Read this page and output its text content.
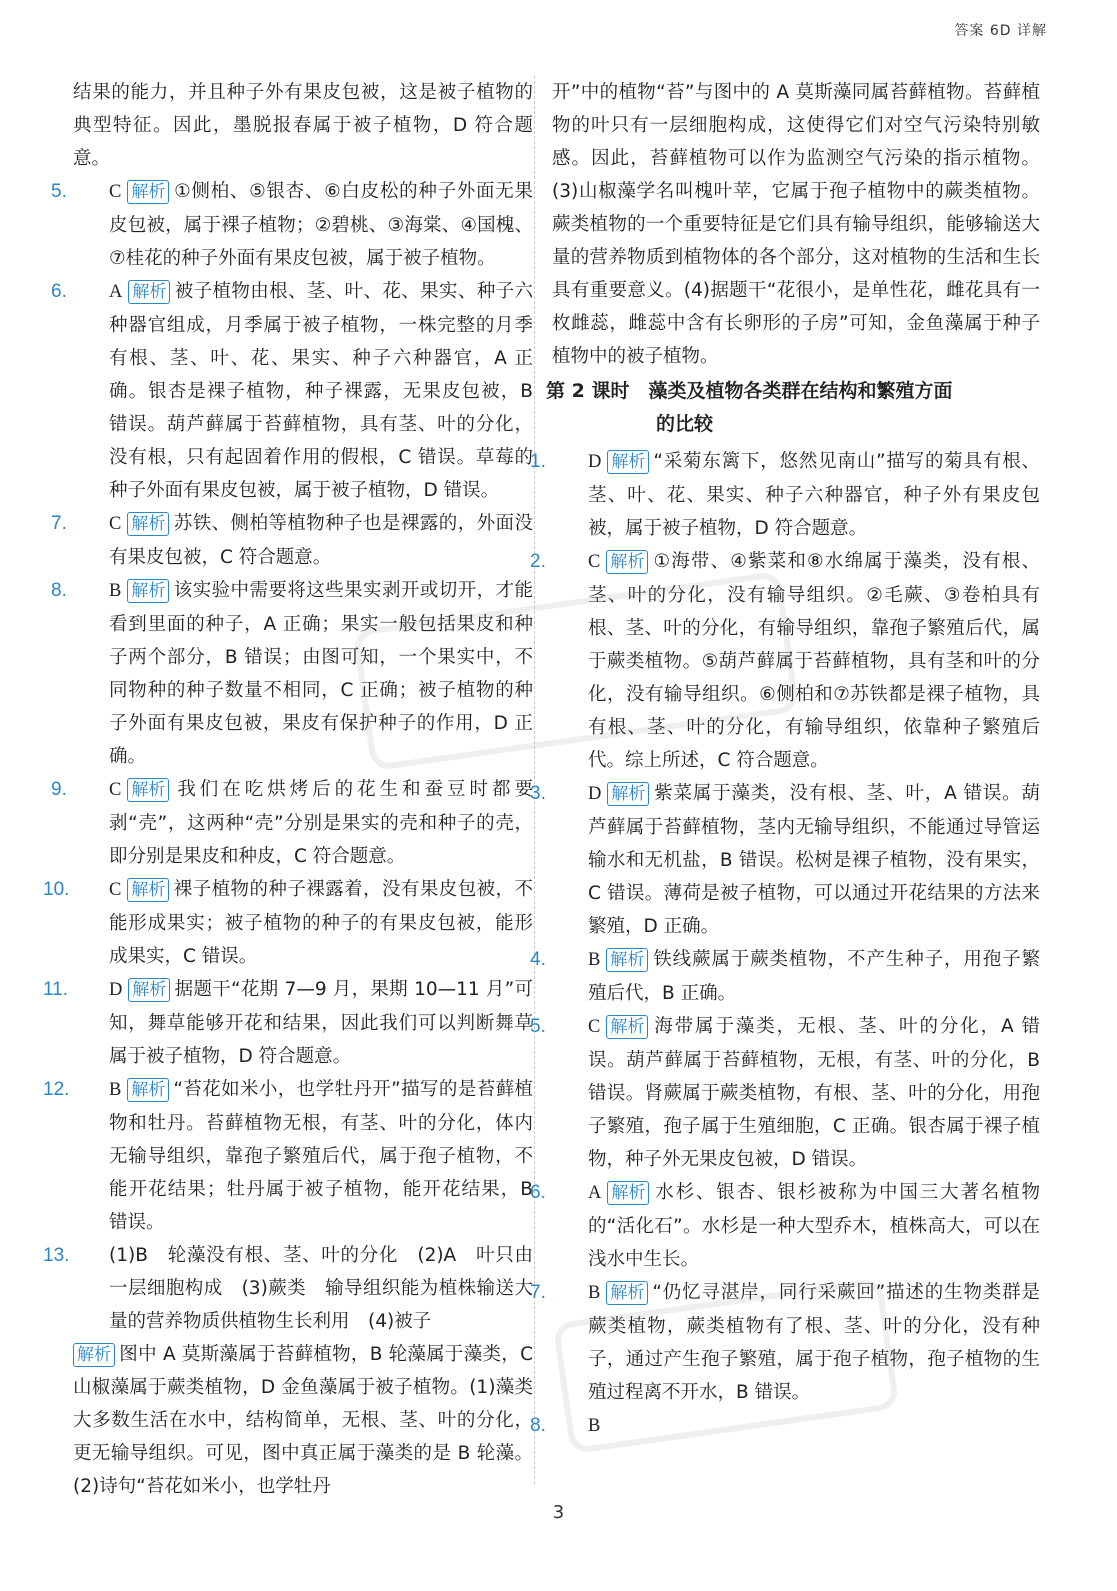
答案 6D 详解
结果的能力，并且种子外有果皮包被，这是被子植物的典型特征。因此，墨脱报春属于被子植物，D 符合题意。
5.	C 解析 ①侧柏、⑤银杏、⑥白皮松的种子外面无果皮包被，属于裸子植物；②碧桃、③海棠、④国槐、⑦桂花的种子外面有果皮包被，属于被子植物。
6.	A 解析 被子植物由根、茎、叶、花、果实、种子六种器官组成，月季属于被子植物，一株完整的月季有根、茎、叶、花、果实、种子六种器官，A 正确。银杏是裸子植物，种子裸露，无果皮包被，B 错误。葫芦藓属于苔藓植物，具有茎、叶的分化，没有根，只有起固着作用的假根，C 错误。草莓的种子外面有果皮包被，属于被子植物，D 错误。
7.	C 解析 苏铁、侧柏等植物种子也是裸露的，外面没有果皮包被，C 符合题意。
8.	B 解析 该实验中需要将这些果实剥开或切开，才能看到里面的种子，A 正确；果实一般包括果皮和种子两个部分，B 错误；由图可知，一个果实中，不同物种的种子数量不相同，C 正确；被子植物的种子外面有果皮包被，果皮有保护种子的作用，D 正确。
9.	C 解析 我们在吃烘烤后的花生和蚕豆时都要剥“壳”，这两种“壳”分别是果实的壳和种子的壳，即分别是果皮和种皮，C 符合题意。
10.	C 解析 裸子植物的种子裸露着，没有果皮包被，不能形成果实；被子植物的种子的有果皮包被，能形成果实，C 错误。
11.	D 解析 据题干“花期 7—9 月，果期 10—11 月”可知，舞草能够开花和结果，因此我们可以判断舞草属于被子植物，D 符合题意。
12.	B 解析 “苔花如米小，也学牡丹开”描写的是苔藓植物和牡丹。苔藓植物无根，有茎、叶的分化，体内无输导组织，靠孢子繁殖后代，属于孢子植物，不能开花结果；牡丹属于被子植物，能开花结果，B 错误。
13.	(1)B　轮藻没有根、茎、叶的分化　(2)A　叶只由一层细胞构成　(3)蕨类　输导组织能为植株输送大量的营养物质供植物生长利用　(4)被子
解析 图中 A 莫斯藻属于苔藓植物，B 轮藻属于藻类，C 山椒藻属于蕨类植物，D 金鱼藻属于被子植物。(1)藻类大多数生活在水中，结构简单，无根、茎、叶的分化，更无输导组织。可见，图中真正属于藻类的是 B 轮藻。(2)诗句“苔花如米小，也学牡丹
开”中的植物“苔”与图中的 A 莫斯藻同属苔藓植物。苔藓植物的叶只有一层细胞构成，这使得它们对空气污染特别敏感。因此，苔藓植物可以作为监测空气污染的指示植物。(3)山椒藻学名叫槐叶苹，它属于孢子植物中的蕨类植物。蕨类植物的一个重要特征是它们具有输导组织，能够输送大量的营养物质到植物体的各个部分，这对植物的生活和生长具有重要意义。(4)据题干“花很小，是单性花，雌花具有一枚雌蕊，雌蕊中含有长卵形的子房”可知，金鱼藻属于种子植物中的被子植物。
第 2 课时　藻类及植物各类群在结构和繁殖方面
的比较
1.	D 解析 “采菊东篱下，悠然见南山”描写的菊具有根、茎、叶、花、果实、种子六种器官，种子外有果皮包被，属于被子植物，D 符合题意。
2.	C 解析 ①海带、④紫菜和⑧水绵属于藻类，没有根、茎、叶的分化，没有输导组织。②毛蕨、③卷柏具有根、茎、叶的分化，有输导组织，靠孢子繁殖后代，属于蕨类植物。⑤葫芦藓属于苔藓植物，具有茎和叶的分化，没有输导组织。⑥侧柏和⑦苏铁都是裸子植物，具有根、茎、叶的分化，有输导组织，依靠种子繁殖后代。综上所述，C 符合题意。
3.	D 解析 紫菜属于藻类，没有根、茎、叶，A 错误。葫芦藓属于苔藓植物，茎内无输导组织，不能通过导管运输水和无机盐，B 错误。松树是裸子植物，没有果实，C 错误。薄荷是被子植物，可以通过开花结果的方法来繁殖，D 正确。
4.	B 解析 铁线蕨属于蕨类植物，不产生种子，用孢子繁殖后代，B 正确。
5.	C 解析 海带属于藻类，无根、茎、叶的分化，A 错误。葫芦藓属于苔藓植物，无根，有茎、叶的分化，B 错误。肾蕨属于蕨类植物，有根、茎、叶的分化，用孢子繁殖，孢子属于生殖细胞，C 正确。银杏属于裸子植物，种子外无果皮包被，D 错误。
6.	A 解析 水杉、银杏、银杉被称为中国三大著名植物的“活化石”。水杉是一种大型乔木，植株高大，可以在浅水中生长。
7.	B 解析 “仍忆寻湛岸，同行采蕨回”描述的生物类群是蕨类植物，蕨类植物有了根、茎、叶的分化，没有种子，通过产生孢子繁殖，属于孢子植物，孢子植物的生殖过程离不开水，B 错误。
8.	B
3
